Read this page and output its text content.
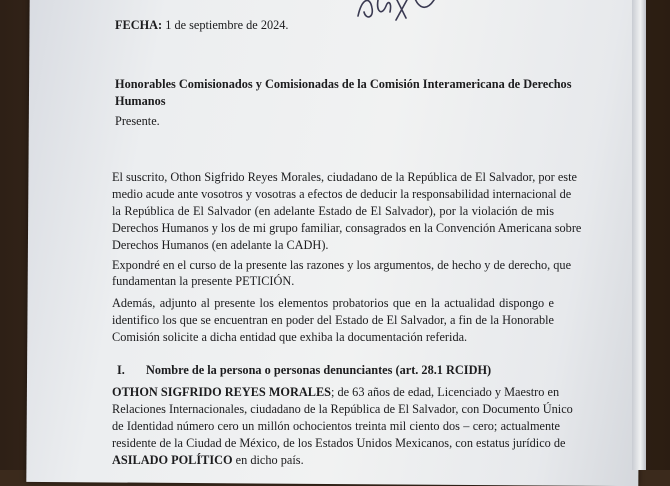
FECHA: 1 de septiembre de 2024.
Honorables Comisionados y Comisionadas de la Comisión Interamericana de Derechos
Humanos
Presente.
El suscrito, Othon Sigfrido Reyes Morales, ciudadano de la República de El Salvador, por este
medio acude ante vosotros y vosotras a efectos de deducir la responsabilidad internacional de
la República de El Salvador (en adelante Estado de El Salvador), por la violación de mis
Derechos Humanos y los de mi grupo familiar, consagrados en la Convención Americana sobre
Derechos Humanos (en adelante la CADH).
Expondré en el curso de la presente las razones y los argumentos, de hecho y de derecho, que
fundamentan la presente PETICIÓN.
Además, adjunto al presente los elementos probatorios que en la actualidad dispongo e
identifico los que se encuentran en poder del Estado de El Salvador, a fin de la Honorable
Comisión solicite a dicha entidad que exhiba la documentación referida.
I. Nombre de la persona o personas denunciantes (art. 28.1 RCIDH)
OTHON SIGFRIDO REYES MORALES; de 63 años de edad, Licenciado y Maestro en
Relaciones Internacionales, ciudadano de la República de El Salvador, con Documento Único
de Identidad número cero un millón ochocientos treinta mil ciento dos – cero; actualmente
residente de la Ciudad de México, de los Estados Unidos Mexicanos, con estatus jurídico de
ASILADO POLÍTICO en dicho país.
